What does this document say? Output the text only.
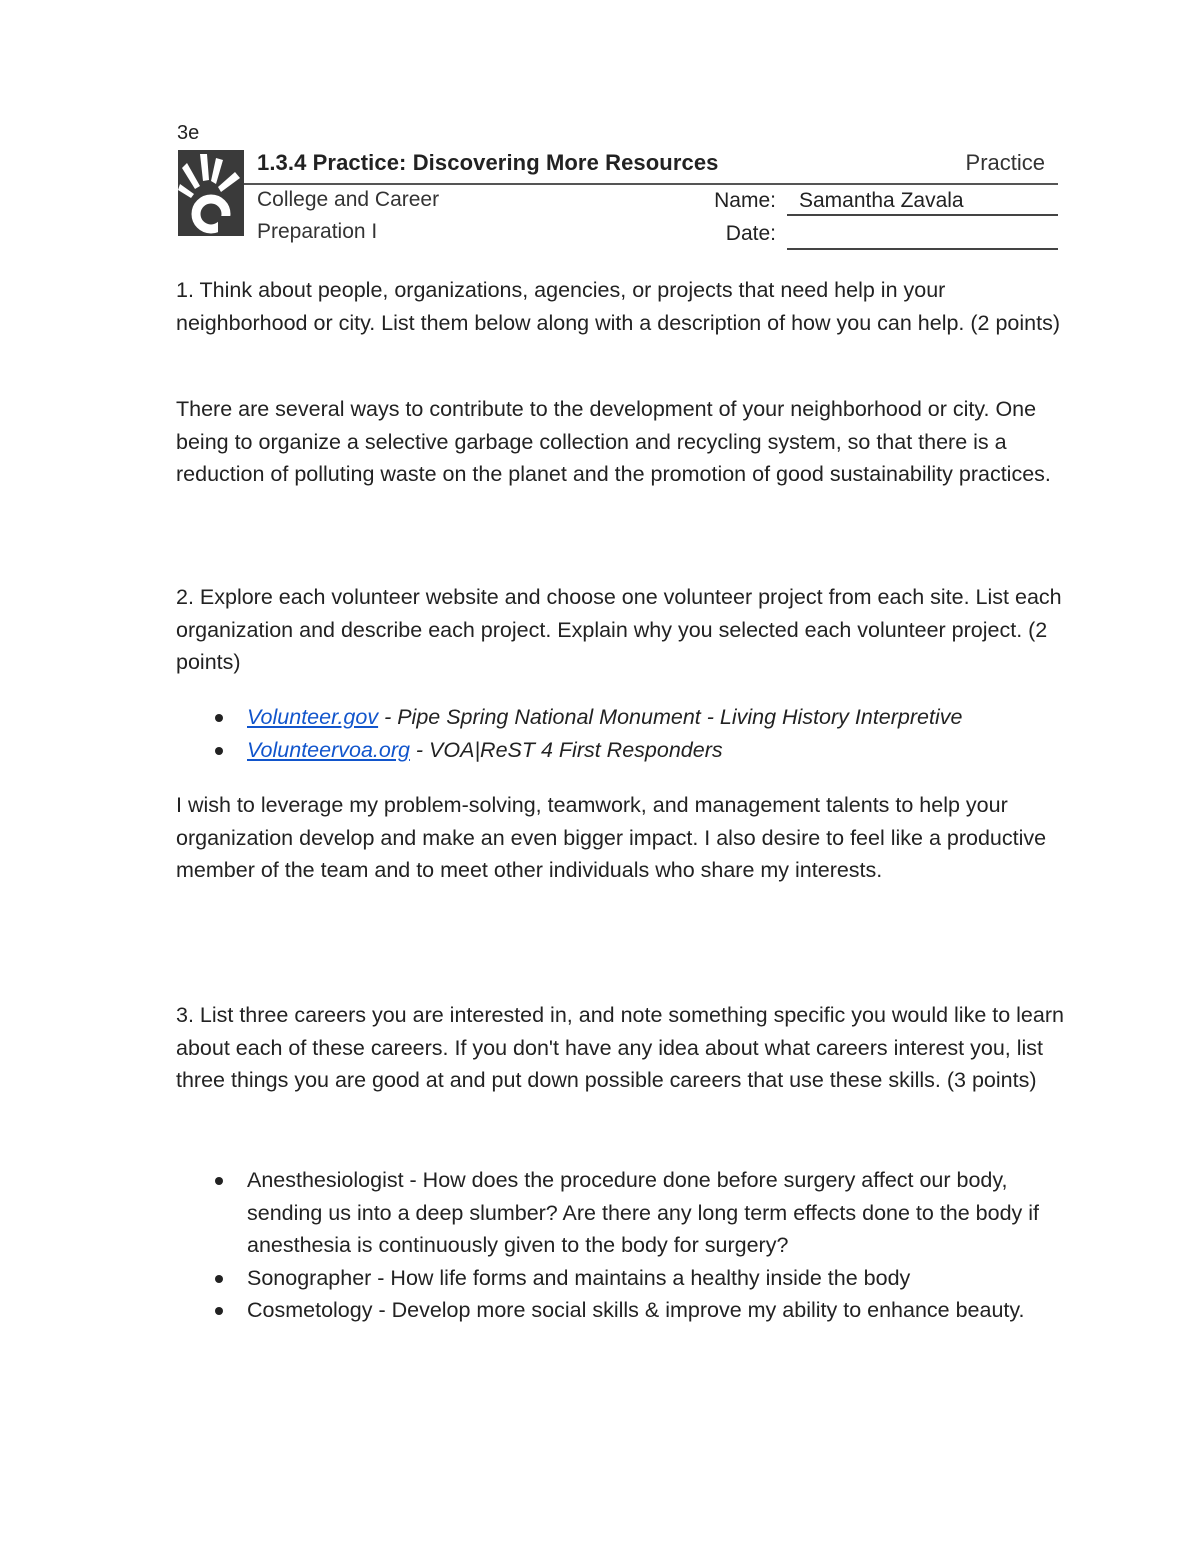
3e
1.3.4 Practice: Discovering More Resources	Practice
College and Career
Preparation I
Name:	Samantha Zavala
Date:

1. Think about people, organizations, agencies, or projects that need help in your neighborhood or city. List them below along with a description of how you can help. (2 points)

There are several ways to contribute to the development of your neighborhood or city. One being to organize a selective garbage collection and recycling system, so that there is a reduction of polluting waste on the planet and the promotion of good sustainability practices.

2. Explore each volunteer website and choose one volunteer project from each site. List each organization and describe each project. Explain why you selected each volunteer project. (2 points)

Volunteer.gov - Pipe Spring National Monument - Living History Interpretive
Volunteervoa.org - VOA|ReST 4 First Responders

I wish to leverage my problem-solving, teamwork, and management talents to help your organization develop and make an even bigger impact. I also desire to feel like a productive member of the team and to meet other individuals who share my interests.

3. List three careers you are interested in, and note something specific you would like to learn about each of these careers. If you don't have any idea about what careers interest you, list three things you are good at and put down possible careers that use these skills. (3 points)

Anesthesiologist - How does the procedure done before surgery affect our body, sending us into a deep slumber? Are there any long term effects done to the body if anesthesia is continuously given to the body for surgery?
Sonographer - How life forms and maintains a healthy inside the body
Cosmetology - Develop more social skills & improve my ability to enhance beauty.
